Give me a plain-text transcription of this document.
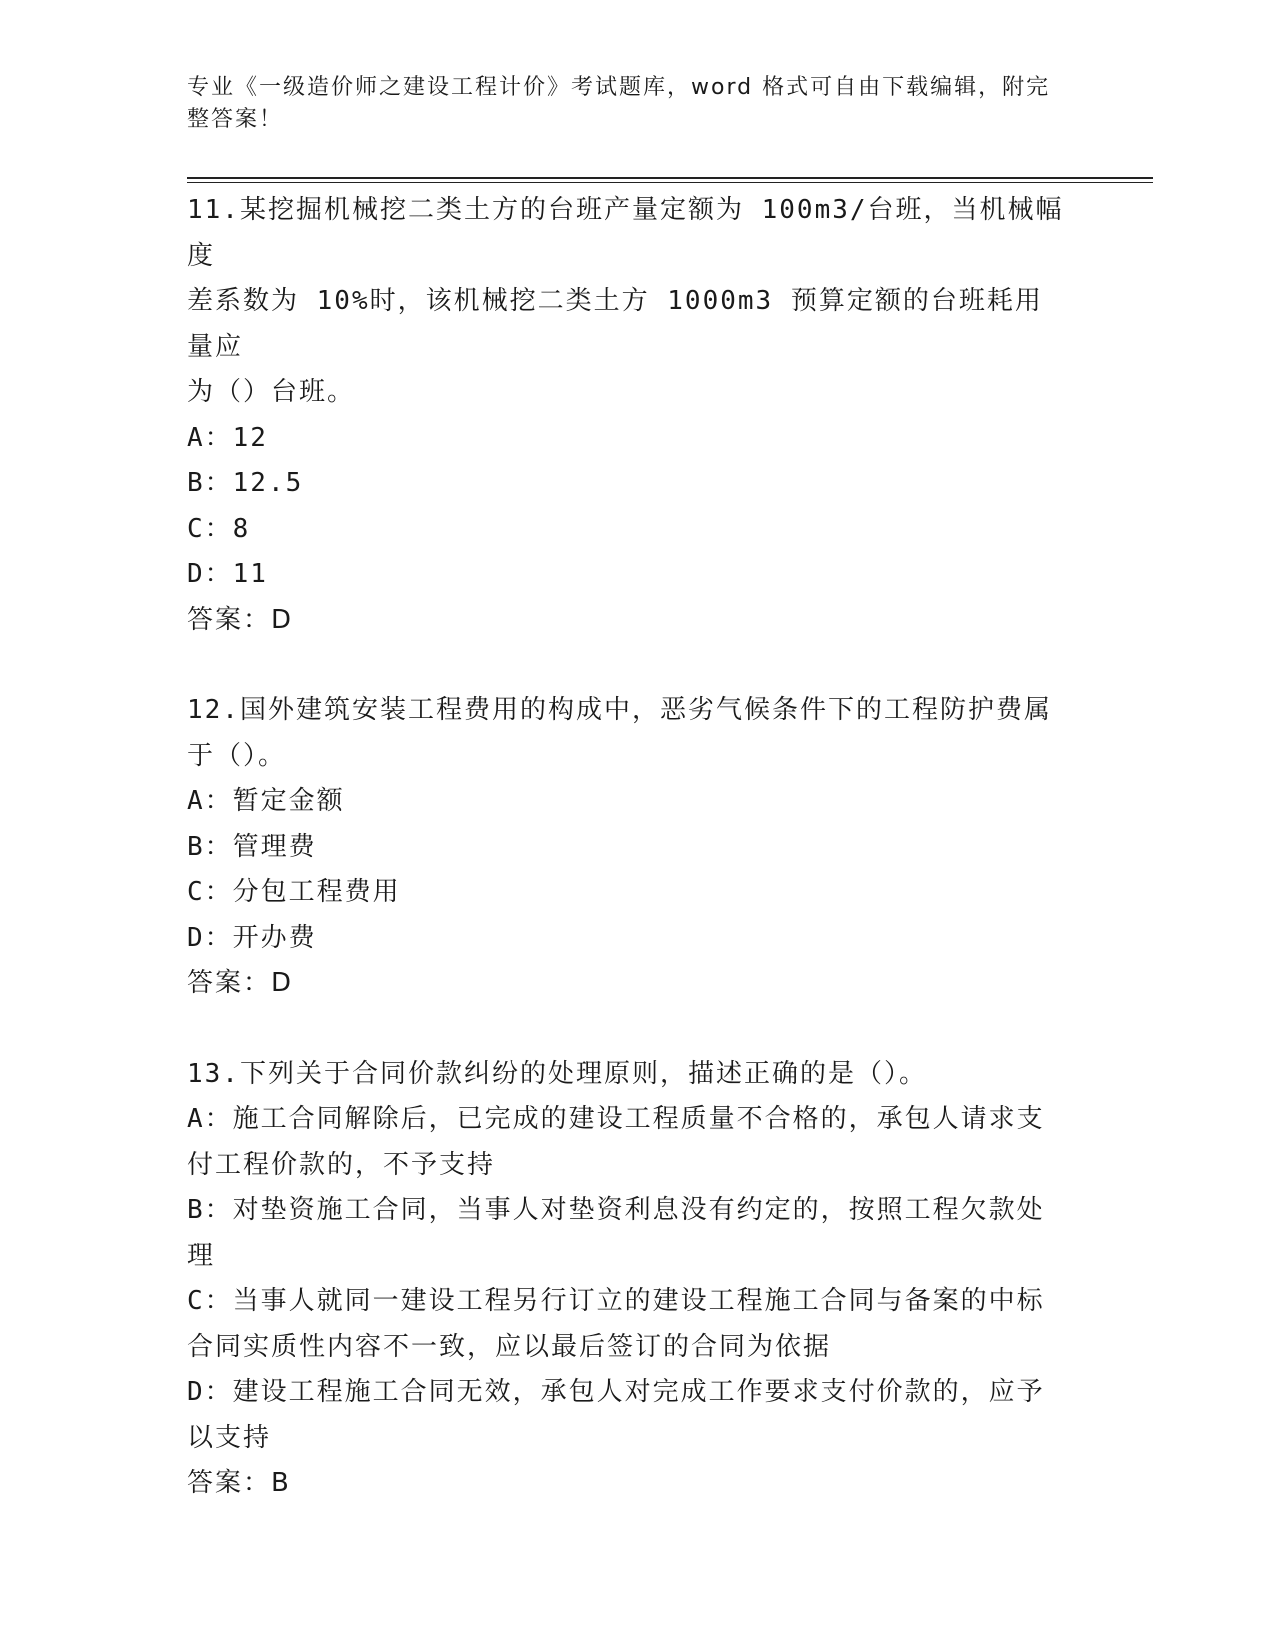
专业《一级造价师之建设工程计价》考试题库，word 格式可自由下载编辑，附完
整答案！
11.某挖掘机械挖二类土方的台班产量定额为 100m3/台班，当机械幅度
差系数为 10%时，该机械挖二类土方 1000m3 预算定额的台班耗用量应
为（）台班。
A：12
B：12.5
C：8
D：11
答案：D
12.国外建筑安装工程费用的构成中，恶劣气候条件下的工程防护费属
于（）。
A：暂定金额
B：管理费
C：分包工程费用
D：开办费
答案：D
13.下列关于合同价款纠纷的处理原则，描述正确的是（）。
A：施工合同解除后，已完成的建设工程质量不合格的，承包人请求支
付工程价款的，不予支持
B：对垫资施工合同，当事人对垫资利息没有约定的，按照工程欠款处
理
C：当事人就同一建设工程另行订立的建设工程施工合同与备案的中标
合同实质性内容不一致，应以最后签订的合同为依据
D：建设工程施工合同无效，承包人对完成工作要求支付价款的，应予
以支持
答案：B
